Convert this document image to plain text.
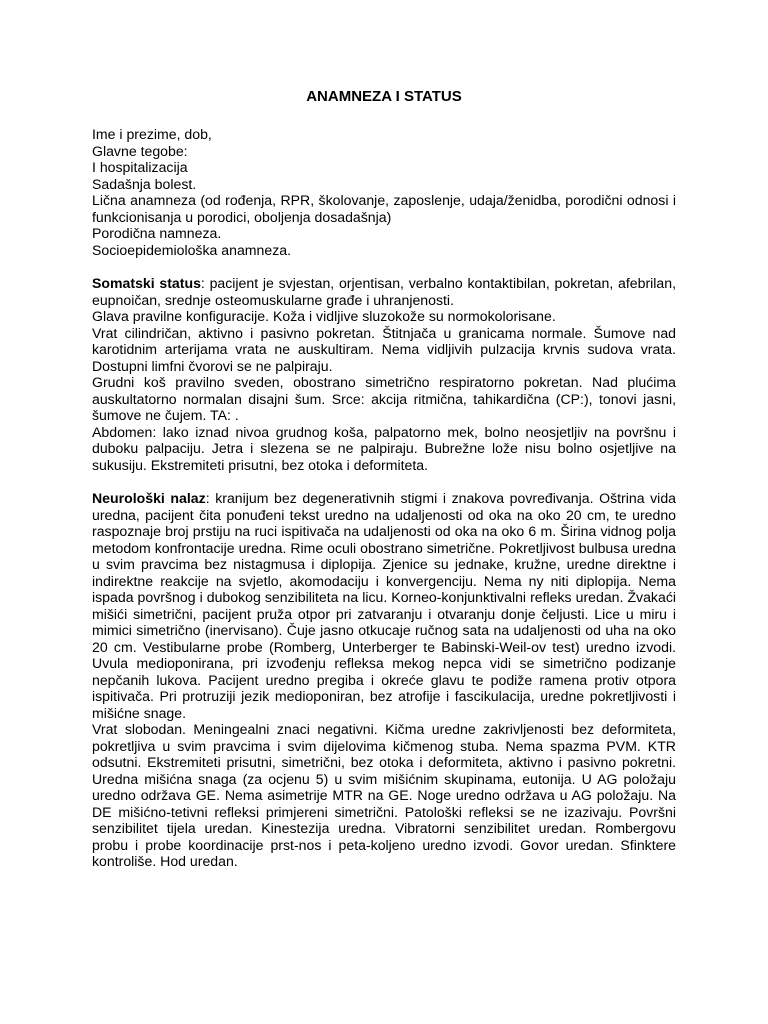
ANAMNEZA I STATUS
Ime i prezime, dob,
Glavne tegobe:
I hospitalizacija
Sadašnja bolest.

Lična anamneza (od rođenja, RPR, školovanje, zaposlenje, udaja/ženidba, porodični odnosi i funkcionisanja u porodici, oboljenja dosadašnja)

Porodična namneza.
Socioepidemiološka anamneza.

Somatski status: pacijent je svjestan, orjentisan, verbalno kontaktibilan, pokretan, afebrilan, eupnoičan, srednje osteomuskularne građe i uhranjenosti.

Glava pravilne konfiguracije. Koža i vidljive sluzokože su normokolorisane.

Vrat cilindričan, aktivno i pasivno pokretan. Štitnjača u granicama normale. Šumove nad karotidnim arterijama vrata ne auskultiram. Nema vidljivih pulzacija krvnis sudova vrata. Dostupni limfni čvorovi se ne palpiraju.

Grudni koš pravilno sveden, obostrano simetrično respiratorno pokretan. Nad plućima auskultatorno normalan disajni šum. Srce: akcija ritmična, tahikardična (CP:), tonovi jasni, šumove ne čujem. TA: .

Abdomen: lako iznad nivoa grudnog koša, palpatorno mek, bolno neosjetljiv na površnu i duboku palpaciju. Jetra i slezena se ne palpiraju. Bubrežne lože nisu bolno osjetljive na sukusiju. Ekstremiteti prisutni, bez otoka i deformiteta.

Neurološki nalaz: kranijum bez degenerativnih stigmi i znakova povređivanja. Oštrina vida uredna, pacijent čita ponuđeni tekst uredno na udaljenosti od oka na oko 20 cm, te uredno raspoznaje broj prstiju na ruci ispitivača na udaljenosti od oka na oko 6 m. Širina vidnog polja metodom konfrontacije uredna. Rime oculi obostrano simetrične. Pokretljivost bulbusa uredna u svim pravcima bez nistagmusa i diplopija. Zjenice su jednake, kružne, uredne direktne i indirektne reakcije na svjetlo, akomodaciju i konvergenciju. Nema ny niti diplopija. Nema ispada površnog i dubokog senzibiliteta na licu. Korneo-konjunktivalni refleks uredan. Žvakaći mišići simetrični, pacijent pruža otpor pri zatvaranju i otvaranju donje čeljusti. Lice u miru i mimici simetrično (inervisano). Čuje jasno otkucaje ručnog sata na udaljenosti od uha na oko 20 cm. Vestibularne probe (Romberg, Unterberger te Babinski-Weil-ov test) uredno izvodi. Uvula medioponirana, pri izvođenju refleksa mekog nepca vidi se simetrično podizanje nepčanih lukova. Pacijent uredno pregiba i okreće glavu te podiže ramena protiv otpora ispitivača. Pri protruziji jezik medioponiran, bez atrofije i fascikulacija, uredne pokretljivosti i mišićne snage.

Vrat slobodan. Meningealni znaci negativni. Kičma uredne zakrivljenosti bez deformiteta, pokretljiva u svim pravcima i svim dijelovima kičmenog stuba. Nema spazma PVM. KTR odsutni. Ekstremiteti prisutni, simetrični, bez otoka i deformiteta, aktivno i pasivno pokretni. Uredna mišićna snaga (za ocjenu 5) u svim mišićnim skupinama, eutonija. U AG položaju uredno održava GE. Nema asimetrije MTR na GE. Noge uredno održava u AG položaju. Na DE mišićno-tetivni refleksi primjereni simetrični. Patološki refleksi se ne izazivaju. Površni senzibilitet tijela uredan. Kinestezija uredna. Vibratorni senzibilitet uredan. Rombergovu probu i probe koordinacije prst-nos i peta-koljeno uredno izvodi. Govor uredan. Sfinktere kontroliše. Hod uredan.
